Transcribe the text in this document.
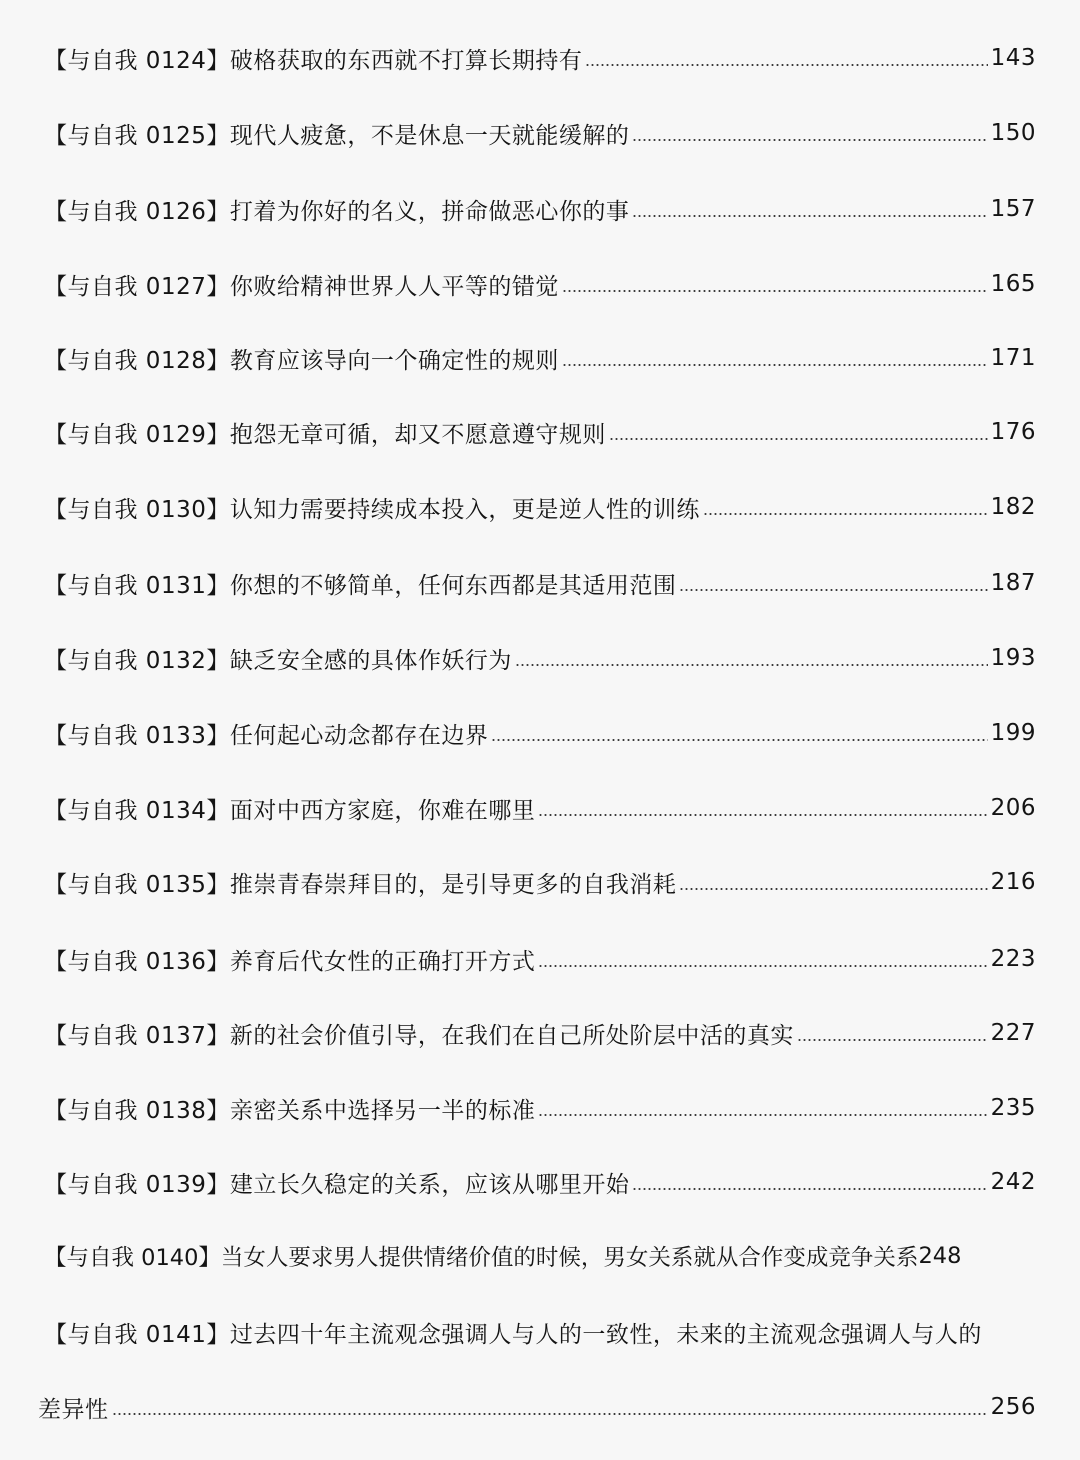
【与自我 0124】 破格获取的东西就不打算长期持有	143
【与自我 0125】 现代人疲惫，不是休息一天就能缓解的	150
【与自我 0126】 打着为你好的名义，拼命做恶心你的事	157
【与自我 0127】 你败给精神世界人人平等的错觉	165
【与自我 0128】 教育应该导向一个确定性的规则	171
【与自我 0129】 抱怨无章可循，却又不愿意遵守规则	176
【与自我 0130】 认知力需要持续成本投入，更是逆人性的训练	182
【与自我 0131】 你想的不够简单，任何东西都是其适用范围	187
【与自我 0132】 缺乏安全感的具体作妖行为	193
【与自我 0133】 任何起心动念都存在边界	199
【与自我 0134】 面对中西方家庭，你难在哪里	206
【与自我 0135】 推崇青春崇拜目的，是引导更多的自我消耗	216
【与自我 0136】 养育后代女性的正确打开方式	223
【与自我 0137】 新的社会价值引导，在我们在自己所处阶层中活的真实	227
【与自我 0138】 亲密关系中选择另一半的标准	235
【与自我 0139】 建立长久稳定的关系，应该从哪里开始	242
【与自我 0140】 当女人要求男人提供情绪价值的时候，男女关系就从合作变成竞争关系 248
【与自我 0141】 过去四十年主流观念强调人与人的一致性，未来的主流观念强调人与人的
差异性	256
